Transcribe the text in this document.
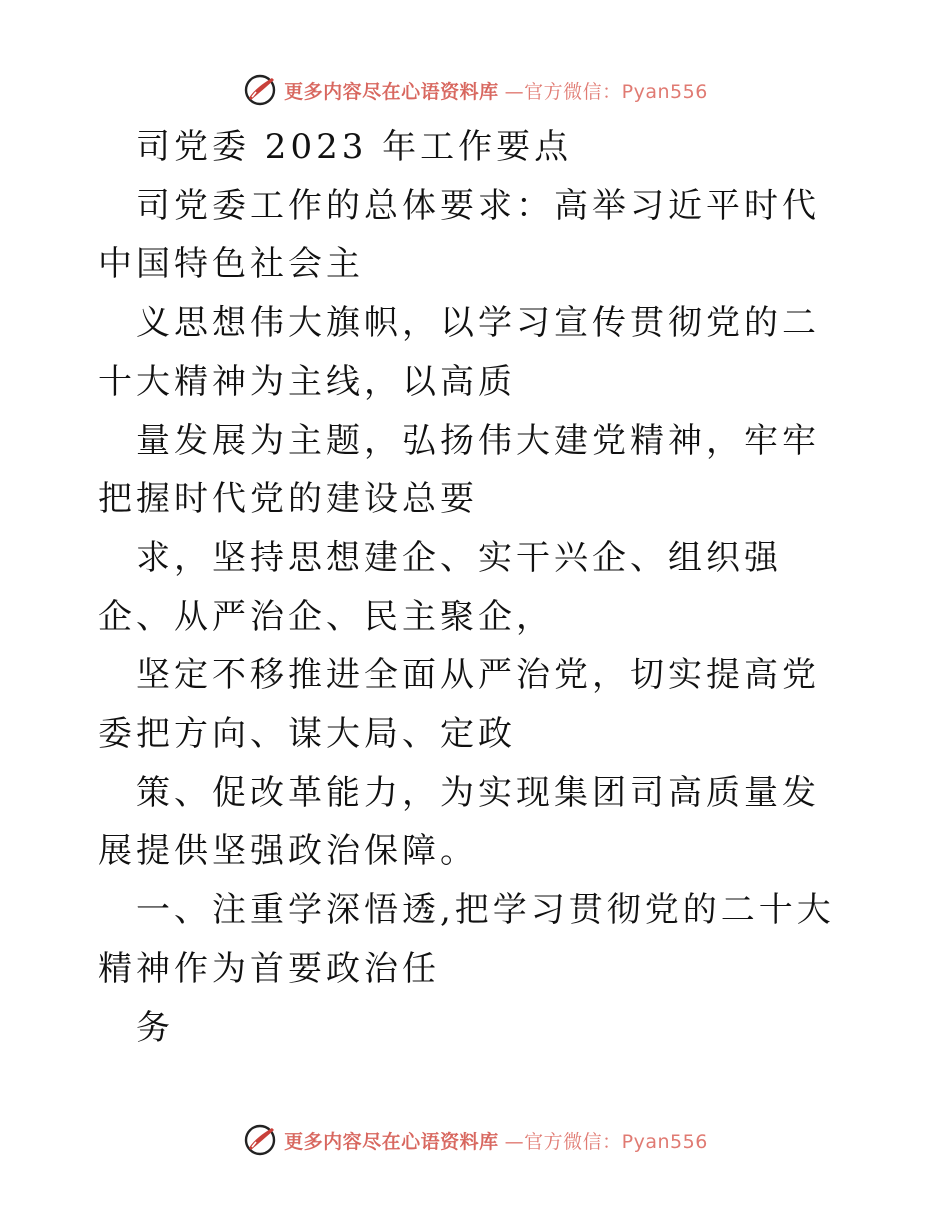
更多内容尽在心语资料库 —官方微信：Pyan556

司党委 2023 年工作要点

司党委工作的总体要求：高举习近平时代中国特色社会主

义思想伟大旗帜，以学习宣传贯彻党的二十大精神为主线，以高质

量发展为主题，弘扬伟大建党精神，牢牢把握时代党的建设总要

求，坚持思想建企、实干兴企、组织强企、从严治企、民主聚企，

坚定不移推进全面从严治党，切实提高党委把方向、谋大局、定政

策、促改革能力，为实现集团司高质量发展提供坚强政治保障。

一、注重学深悟透,把学习贯彻党的二十大精神作为首要政治任

务

更多内容尽在心语资料库 —官方微信：Pyan556
